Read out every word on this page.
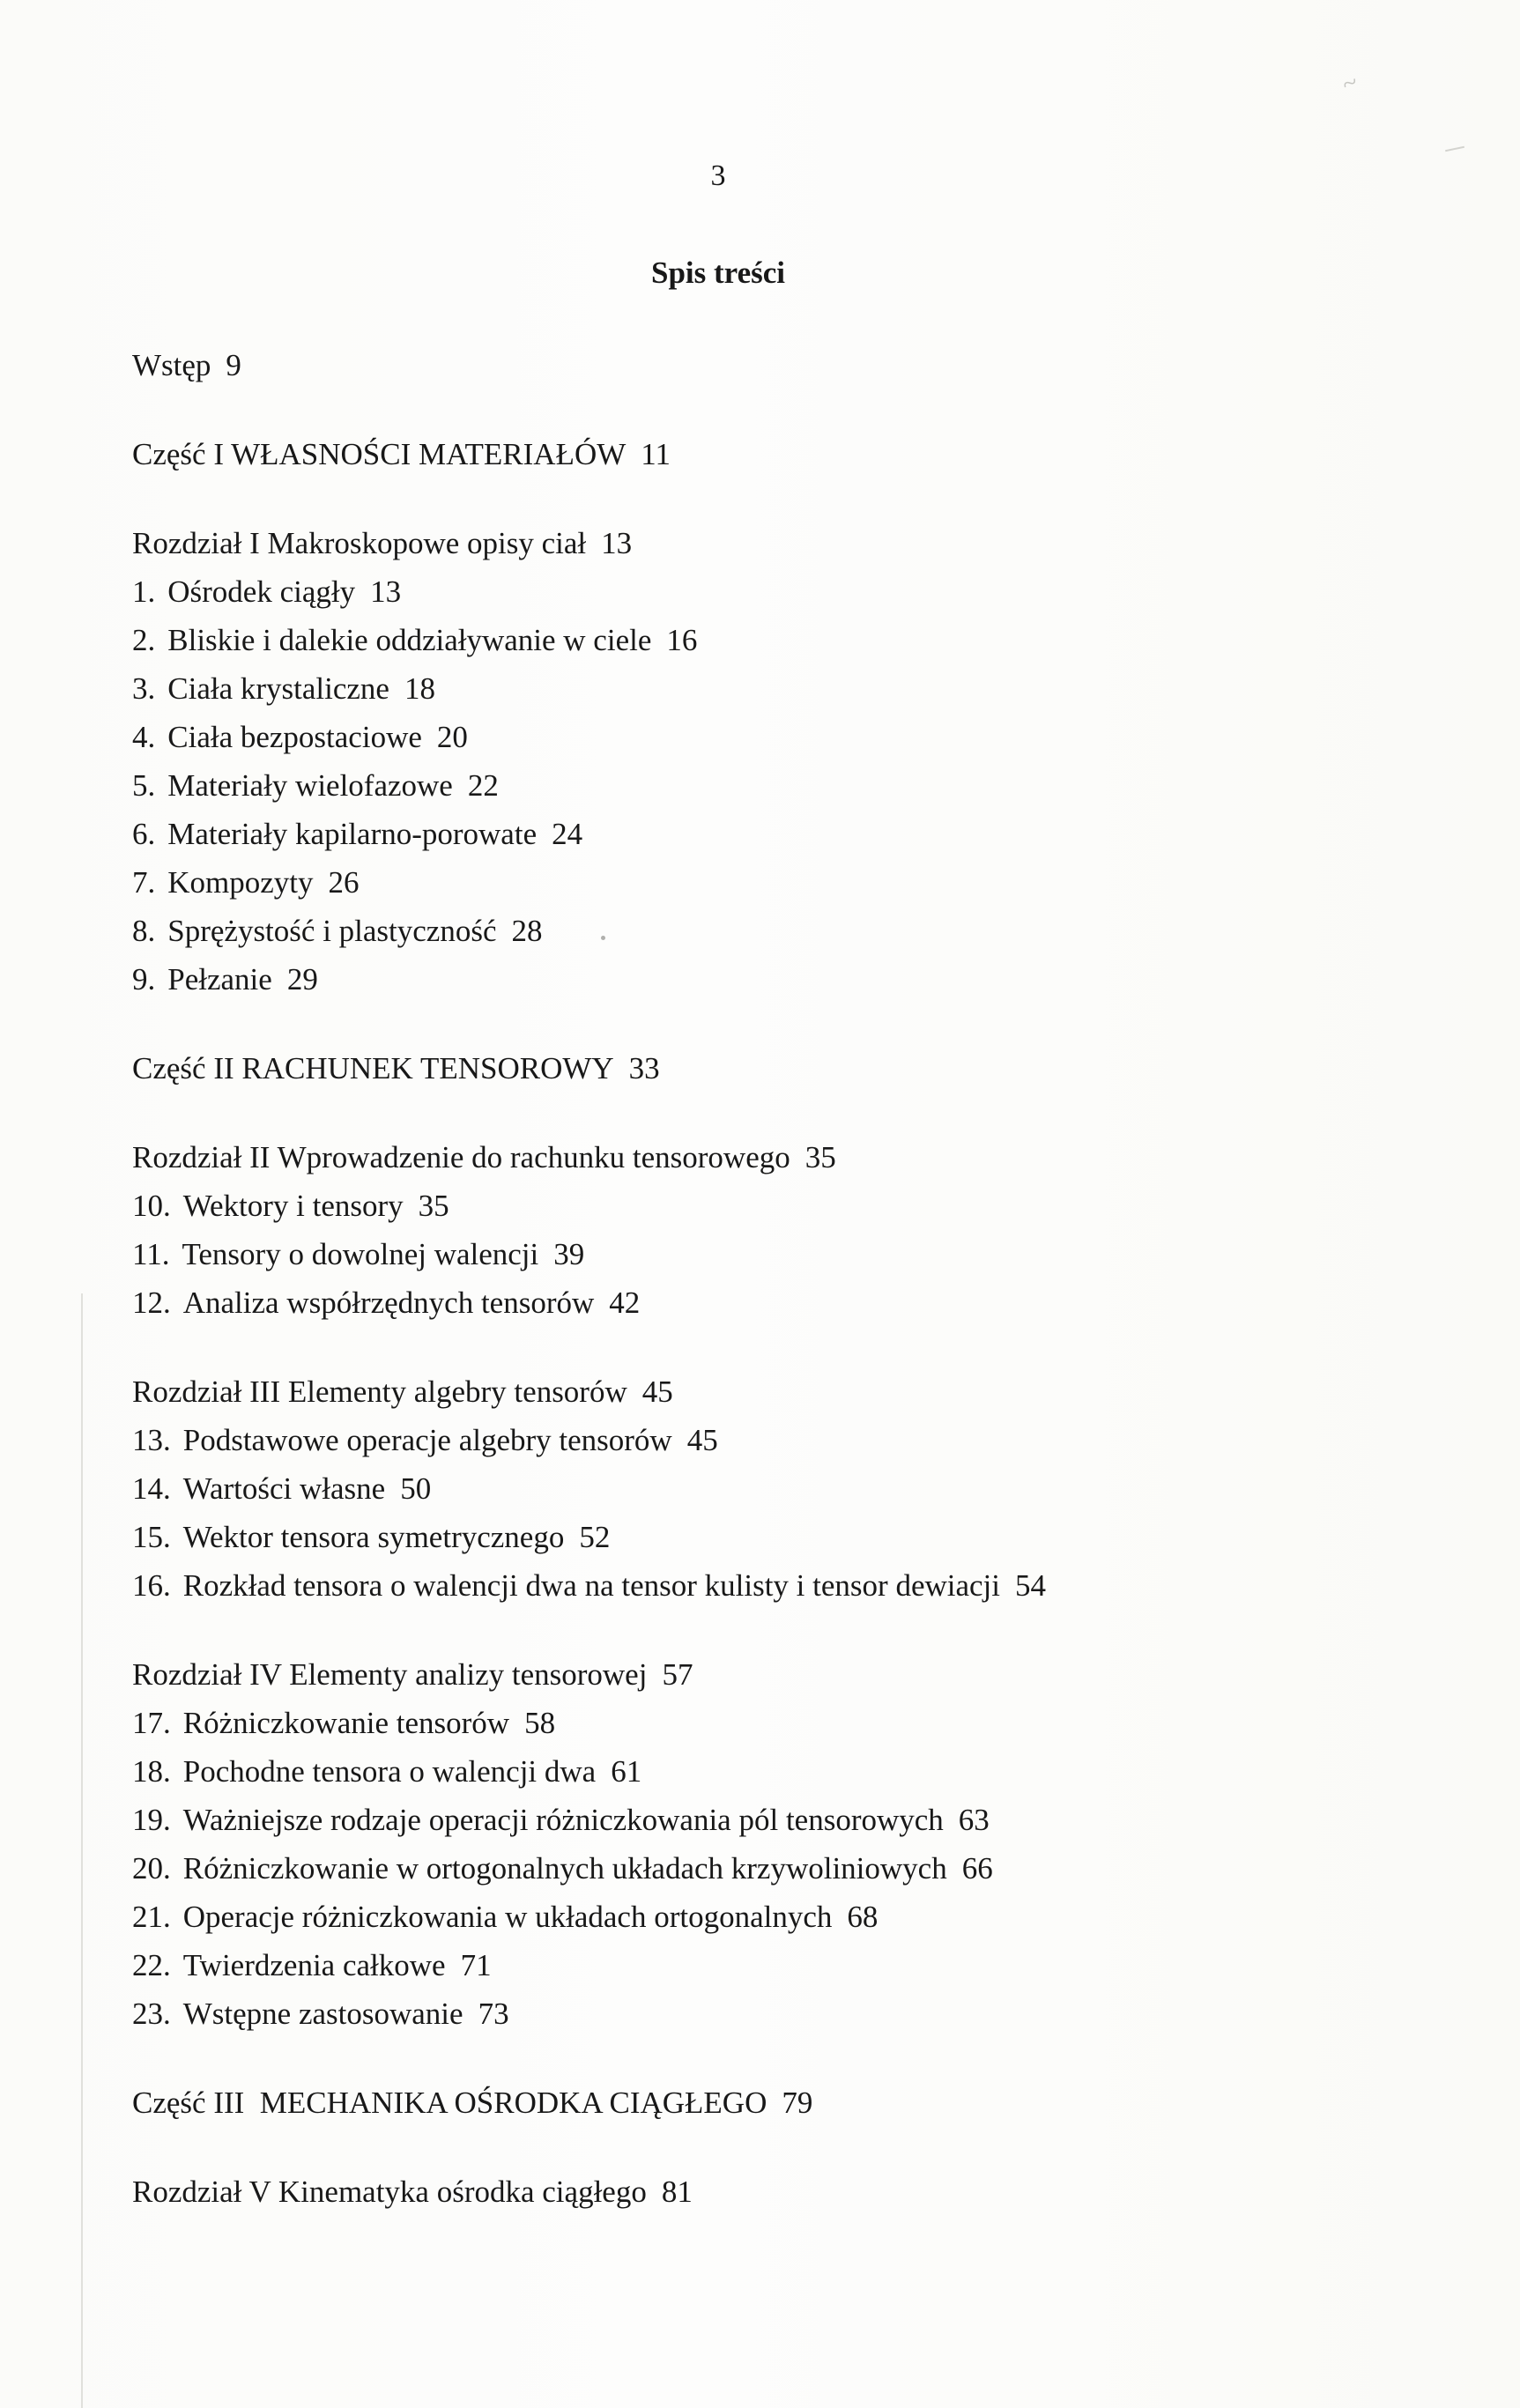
3
Spis treści
Wstęp 9
Część I WŁASNOŚCI MATERIAŁÓW 11
Rozdział I Makroskopowe opisy ciał 13
1. Ośrodek ciągły 13
2. Bliskie i dalekie oddziaływanie w ciele 16
3. Ciała krystaliczne 18
4. Ciała bezpostaciowe 20
5. Materiały wielofazowe 22
6. Materiały kapilarno-porowate 24
7. Kompozyty 26
8. Sprężystość i plastyczność 28
9. Pełzanie 29
Część II RACHUNEK TENSOROWY 33
Rozdział II Wprowadzenie do rachunku tensorowego 35
10. Wektory i tensory 35
11. Tensory o dowolnej walencji 39
12. Analiza współrzędnych tensorów 42
Rozdział III Elementy algebry tensorów 45
13. Podstawowe operacje algebry tensorów 45
14. Wartości własne 50
15. Wektor tensora symetrycznego 52
16. Rozkład tensora o walencji dwa na tensor kulisty i tensor dewiacji 54
Rozdział IV Elementy analizy tensorowej 57
17. Różniczkowanie tensorów 58
18. Pochodne tensora o walencji dwa 61
19. Ważniejsze rodzaje operacji różniczkowania pól tensorowych 63
20. Różniczkowanie w ortogonalnych układach krzywoliniowych 66
21. Operacje różniczkowania w układach ortogonalnych 68
22. Twierdzenia całkowe 71
23. Wstępne zastosowanie 73
Część III  MECHANIKA OŚRODKA CIĄGŁEGO 79
Rozdział V Kinematyka ośrodka ciągłego 81
~
